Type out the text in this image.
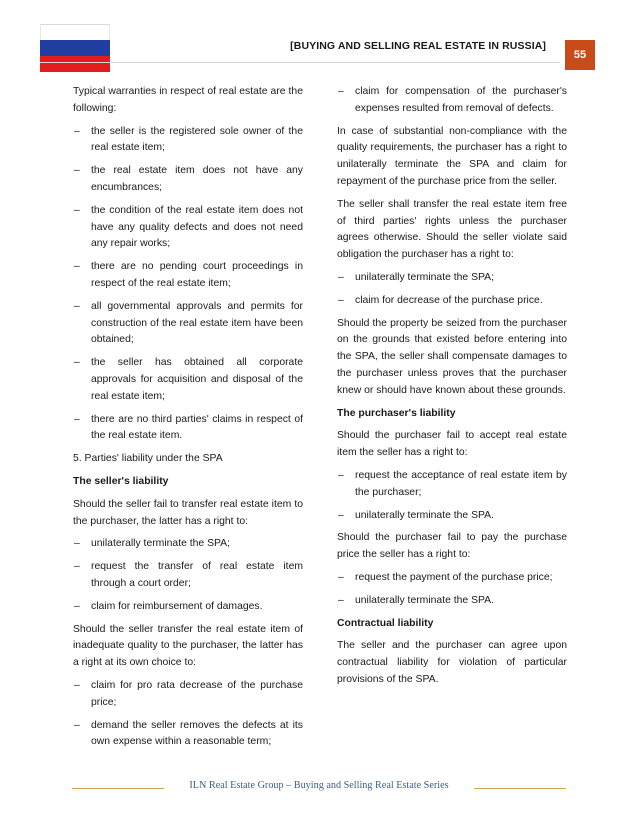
[BUYING AND SELLING REAL ESTATE IN RUSSIA]
55

Typical warranties in respect of real estate are the following:

– the seller is the registered sole owner of the real estate item;
– the real estate item does not have any encumbrances;
– the condition of the real estate item does not have any quality defects and does not need any repair works;
– there are no pending court proceedings in respect of the real estate item;
– all governmental approvals and permits for construction of the real estate item have been obtained;
– the seller has obtained all corporate approvals for acquisition and disposal of the real estate item;
– there are no third parties' claims in respect of the real estate item.

5. Parties' liability under the SPA

The seller's liability

Should the seller fail to transfer real estate item to the purchaser, the latter has a right to:

– unilaterally terminate the SPA;
– request the transfer of real estate item through a court order;
– claim for reimbursement of damages.

Should the seller transfer the real estate item of inadequate quality to the purchaser, the latter has a right at its own choice to:

– claim for pro rata decrease of the purchase price;
– demand the seller removes the defects at its own expense within a reasonable term;
– claim for compensation of the purchaser's expenses resulted from removal of defects.

In case of substantial non-compliance with the quality requirements, the purchaser has a right to unilaterally terminate the SPA and claim for repayment of the purchase price from the seller.

The seller shall transfer the real estate item free of third parties' rights unless the purchaser agrees otherwise. Should the seller violate said obligation the purchaser has a right to:

– unilaterally terminate the SPA;
– claim for decrease of the purchase price.

Should the property be seized from the purchaser on the grounds that existed before entering into the SPA, the seller shall compensate damages to the purchaser unless proves that the purchaser knew or should have known about these grounds.

The purchaser's liability

Should the purchaser fail to accept real estate item the seller has a right to:

– request the acceptance of real estate item by the purchaser;
– unilaterally terminate the SPA.

Should the purchaser fail to pay the purchase price the seller has a right to:

– request the payment of the purchase price;
– unilaterally terminate the SPA.

Contractual liability

The seller and the purchaser can agree upon contractual liability for violation of particular provisions of the SPA.

ILN Real Estate Group – Buying and Selling Real Estate Series
